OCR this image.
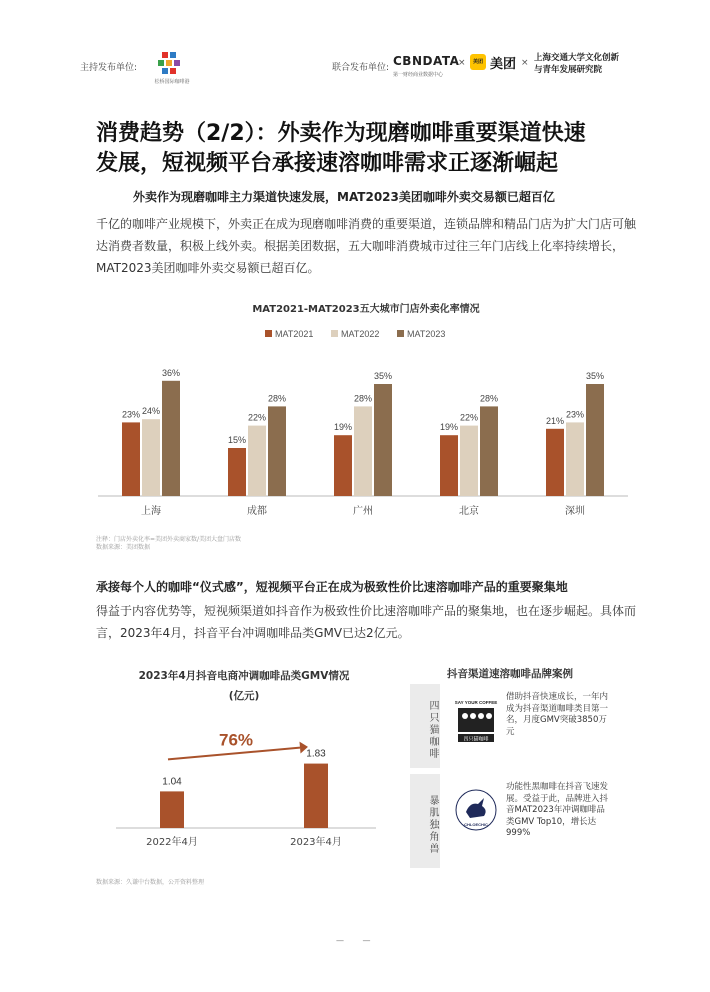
主持发布单位:
松桥国际咖啡港
联合发布单位: CBNDATA
第一财经商业数据中心
×	美团 美团 × 上海交通大学文化创新
与青年发展研究院
消费趋势（2/2）：外卖作为现磨咖啡重要渠道快速
发展，短视频平台承接速溶咖啡需求正逐渐崛起
外卖作为现磨咖啡主力渠道快速发展，MAT2023美团咖啡外卖交易额已超百亿
千亿的咖啡产业规模下，外卖正在成为现磨咖啡消费的重要渠道，连锁品牌和精品门店为扩大门店可触达消费者数量，积极上线外卖。根据美团数据，五大咖啡消费城市过往三年门店线上化率持续增长，MAT2023美团咖啡外卖交易额已超百亿。
MAT2021-MAT2023五大城市门店外卖化率情况
MAT2021	MAT2022	MAT2023
23% 24%
36%
上海
15%
22%
28%
成都
19%
28%
35%
广州
19%
22%
28%
北京
21%
23%
35%
深圳
注释：门店外卖化率=美团外卖商家数/美团大盘门店数
数据来源：美团数据
承接每个人的咖啡“仪式感”，短视频平台正在成为极致性价比速溶咖啡产品的重要聚集地
得益于内容优势等，短视频渠道如抖音作为极致性价比速溶咖啡产品的聚集地，也在逐步崛起。具体而言，2023年4月，抖音平台冲调咖啡品类GMV已达2亿元。
2023年4月抖音电商冲调咖啡品类GMV情况
(亿元)
1.04
2022年4月
1.83
2023年4月
76%
数据来源：久谦中台数据，公开资料整理
抖音渠道速溶咖啡品牌案例
四只猫咖啡	SAY YOUR COFFEE
四只猫咖啡
借助抖音快速成长，一年内成为抖音渠道咖啡类目第一名，月度GMV突破3850万元
暴肌独角兽	CHLOECHIC
功能性黑咖啡在抖音飞速发展。受益于此，品牌进入抖音MAT2023年冲调咖啡品类GMV Top10，增长达999%
— —
